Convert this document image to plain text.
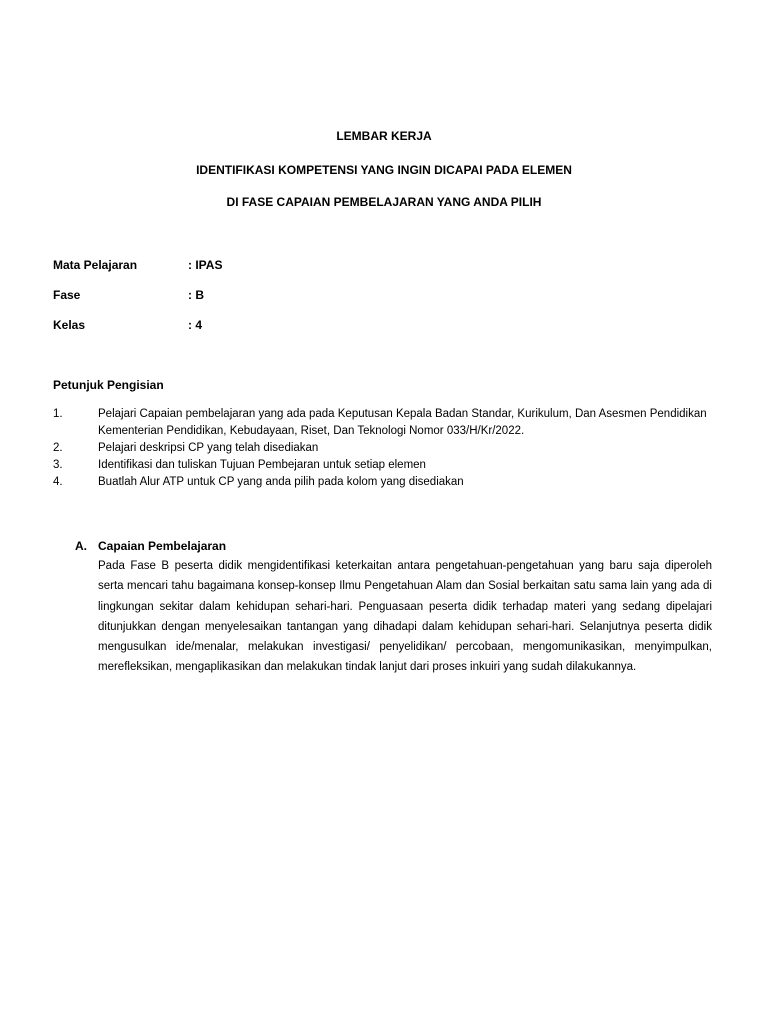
LEMBAR KERJA
IDENTIFIKASI KOMPETENSI YANG INGIN DICAPAI PADA ELEMEN
DI FASE CAPAIAN PEMBELAJARAN YANG ANDA PILIH
Mata Pelajaran	: IPAS
Fase	: B
Kelas	: 4
Petunjuk Pengisian
1.	Pelajari Capaian pembelajaran yang ada pada Keputusan Kepala Badan Standar, Kurikulum, Dan Asesmen Pendidikan Kementerian Pendidikan, Kebudayaan, Riset, Dan Teknologi Nomor 033/H/Kr/2022.
2.	Pelajari deskripsi CP yang telah disediakan
3.	Identifikasi dan tuliskan Tujuan Pembejaran untuk setiap elemen
4.	Buatlah Alur ATP untuk CP yang anda pilih pada kolom yang disediakan
A. Capaian Pembelajaran
Pada Fase B peserta didik mengidentifikasi keterkaitan antara pengetahuan-pengetahuan yang baru saja diperoleh serta mencari tahu bagaimana konsep-konsep Ilmu Pengetahuan Alam dan Sosial berkaitan satu sama lain yang ada di lingkungan sekitar dalam kehidupan sehari-hari. Penguasaan peserta didik terhadap materi yang sedang dipelajari ditunjukkan dengan menyelesaikan tantangan yang dihadapi dalam kehidupan sehari-hari. Selanjutnya peserta didik mengusulkan ide/menalar, melakukan investigasi/ penyelidikan/ percobaan, mengomunikasikan, menyimpulkan, merefleksikan, mengaplikasikan dan melakukan tindak lanjut dari proses inkuiri yang sudah dilakukannya.
